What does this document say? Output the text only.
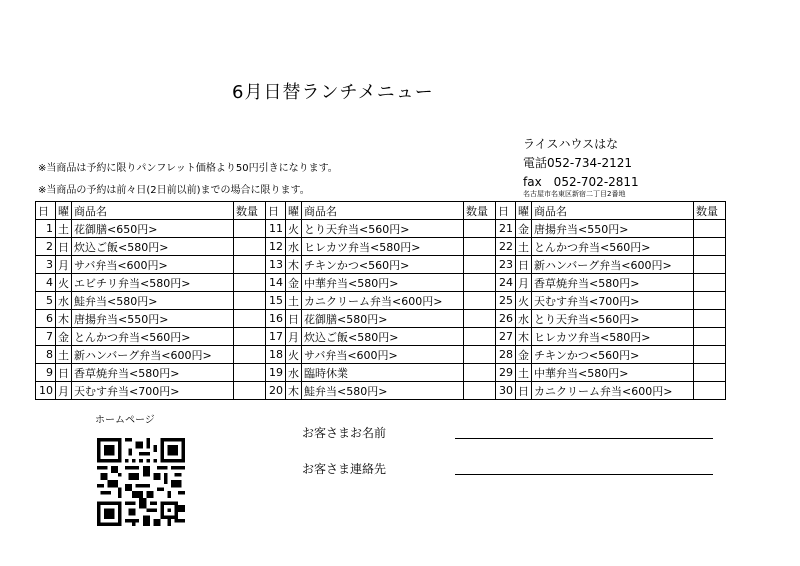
6月日替ランチメニュー
※当商品は予約に限りパンフレット価格より50円引きになります。
※当商品の予約は前々日(2日前以前)までの場合に限ります。
ライスハウスはな
電話052-734-2121
fax　052-702-2811
名古屋市名東区新宿二丁目2番地
日	曜	商品名	数量	日	曜	商品名	数量	日	曜	商品名	数量
1	土	花御膳<650円>		11	火	とり天弁当<560円>		21	金	唐揚弁当<550円>	
2	日	炊込ご飯<580円>		12	水	ヒレカツ弁当<580円>		22	土	とんかつ弁当<560円>	
3	月	サバ弁当<600円>		13	木	チキンかつ<560円>		23	日	新ハンバーグ弁当<600円>	
4	火	エビチリ弁当<580円>		14	金	中華弁当<580円>		24	月	香草焼弁当<580円>	
5	水	鮭弁当<580円>		15	土	カニクリーム弁当<600円>		25	火	天むす弁当<700円>	
6	木	唐揚弁当<550円>		16	日	花御膳<580円>		26	水	とり天弁当<560円>	
7	金	とんかつ弁当<560円>		17	月	炊込ご飯<580円>		27	木	ヒレカツ弁当<580円>	
8	土	新ハンバーグ弁当<600円>		18	火	サバ弁当<600円>		28	金	チキンかつ<560円>	
9	日	香草焼弁当<580円>		19	水	臨時休業		29	土	中華弁当<580円>	
10	月	天むす弁当<700円>		20	木	鮭弁当<580円>		30	日	カニクリーム弁当<600円>	
ホームページ
お客さまお名前
お客さま連絡先
